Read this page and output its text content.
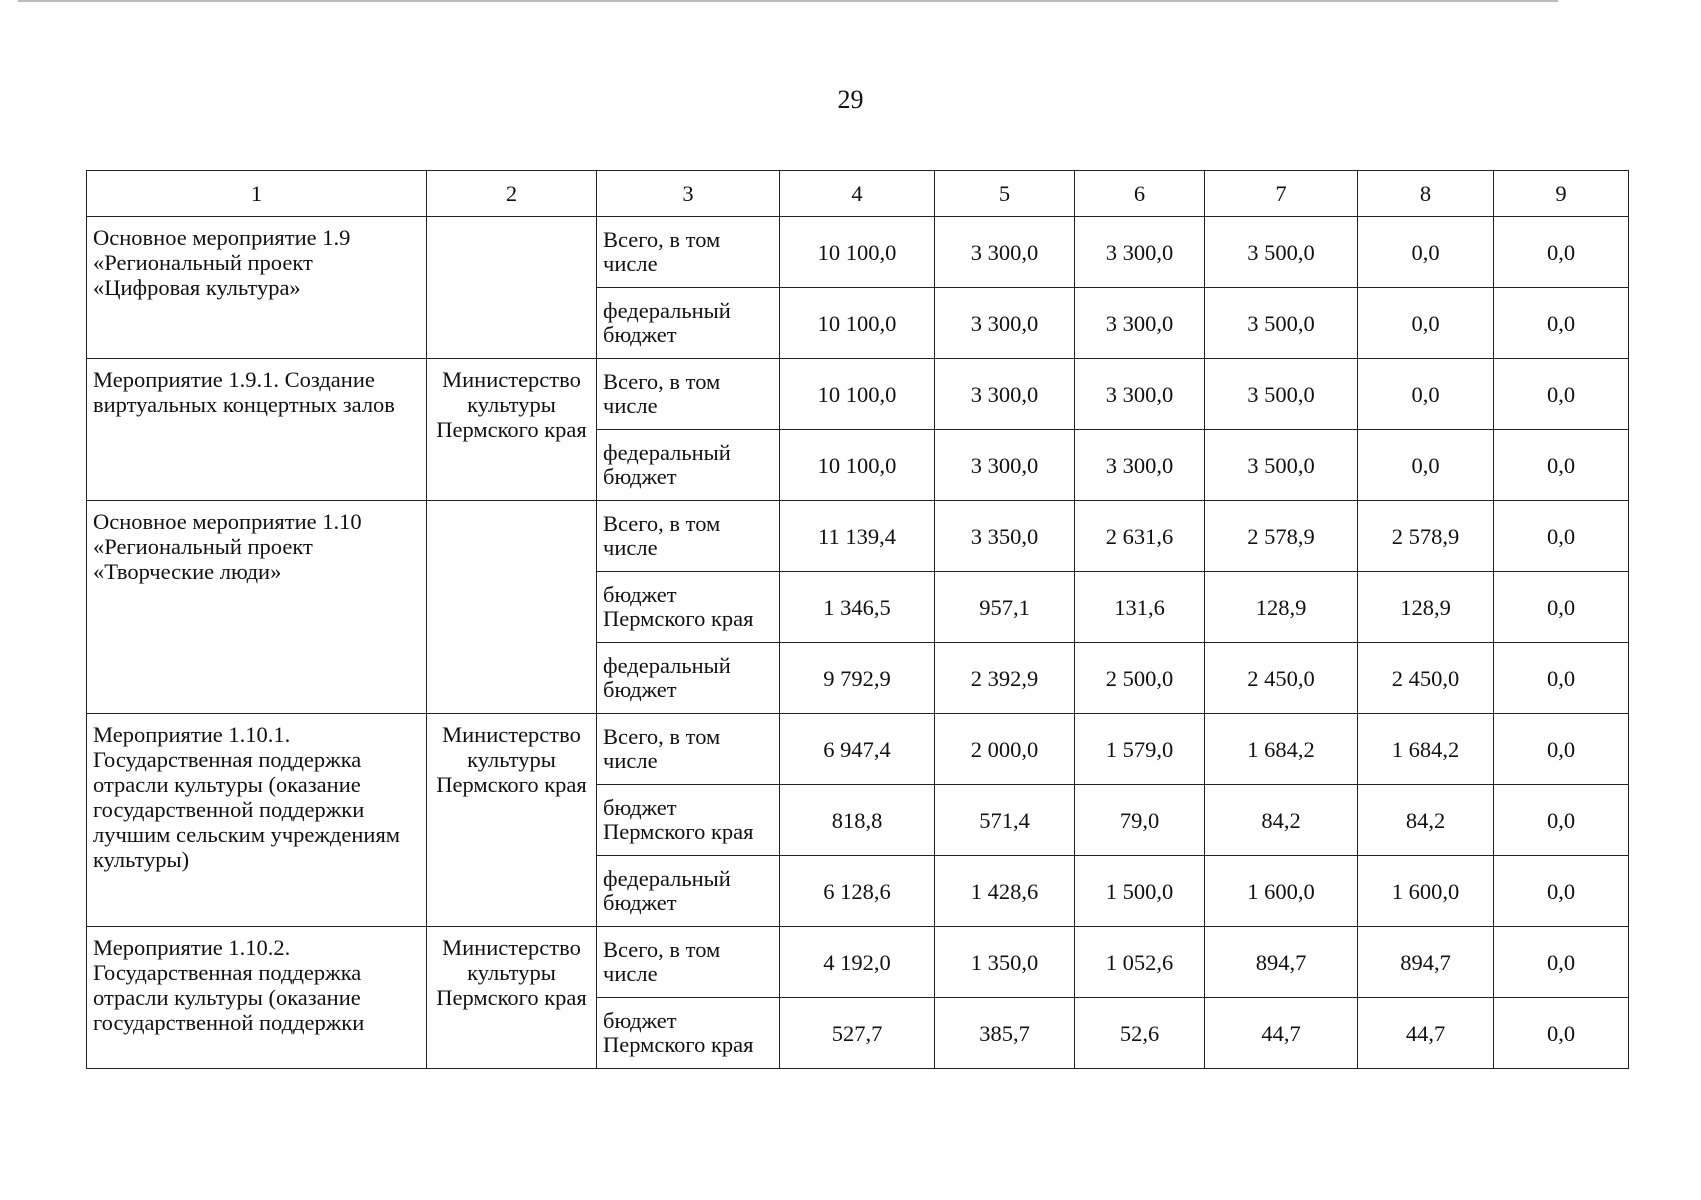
29
1	2	3	4	5	6	7	8	9
Основное мероприятие 1.9 «Региональный проект «Цифровая культура»		Всего, в том числе	10 100,0	3 300,0	3 300,0	3 500,0	0,0	0,0
		федеральный бюджет	10 100,0	3 300,0	3 300,0	3 500,0	0,0	0,0
Мероприятие 1.9.1. Создание виртуальных концертных залов	Министерство культуры Пермского края	Всего, в том числе	10 100,0	3 300,0	3 300,0	3 500,0	0,0	0,0
		федеральный бюджет	10 100,0	3 300,0	3 300,0	3 500,0	0,0	0,0
Основное мероприятие 1.10 «Региональный проект «Творческие люди»		Всего, в том числе	11 139,4	3 350,0	2 631,6	2 578,9	2 578,9	0,0
		бюджет Пермского края	1 346,5	957,1	131,6	128,9	128,9	0,0
		федеральный бюджет	9 792,9	2 392,9	2 500,0	2 450,0	2 450,0	0,0
Мероприятие 1.10.1. Государственная поддержка отрасли культуры (оказание государственной поддержки лучшим сельским учреждениям культуры)	Министерство культуры Пермского края	Всего, в том числе	6 947,4	2 000,0	1 579,0	1 684,2	1 684,2	0,0
		бюджет Пермского края	818,8	571,4	79,0	84,2	84,2	0,0
		федеральный бюджет	6 128,6	1 428,6	1 500,0	1 600,0	1 600,0	0,0
Мероприятие 1.10.2. Государственная поддержка отрасли культуры (оказание государственной поддержки	Министерство культуры Пермского края	Всего, в том числе	4 192,0	1 350,0	1 052,6	894,7	894,7	0,0
		бюджет Пермского края	527,7	385,7	52,6	44,7	44,7	0,0
